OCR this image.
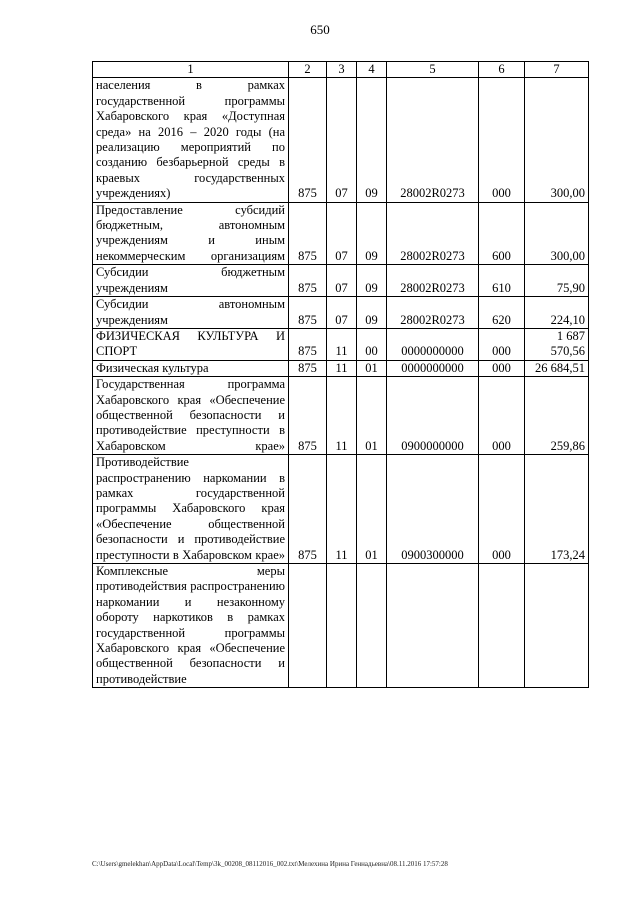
650
1	2	3	4	5	6	7
населения в рамках государственной программы Хабаровского края «Доступная среда» на 2016 – 2020 годы (на реализацию мероприятий по созданию безбарьерной среды в краевых государственных учреждениях)	875	07	09	28002R0273	000	300,00
Предоставление субсидий бюджетным, автономным учреждениям и иным некоммерческим организациям	875	07	09	28002R0273	600	300,00
Субсидии бюджетным учреждениям	875	07	09	28002R0273	610	75,90
Субсидии автономным учреждениям	875	07	09	28002R0273	620	224,10
ФИЗИЧЕСКАЯ КУЛЬТУРА И СПОРТ	875	11	00	0000000000	000	1 687 570,56
Физическая культура	875	11	01	0000000000	000	26 684,51
Государственная программа Хабаровского края «Обеспечение общественной безопасности и противодействие преступности в Хабаровском крае»	875	11	01	0900000000	000	259,86
Противодействие распространению наркомании в рамках государственной программы Хабаровского края «Обеспечение общественной безопасности и противодействие преступности в Хабаровском крае»	875	11	01	0900300000	000	173,24
Комплексные меры противодействия распространению наркомании и незаконному обороту наркотиков в рамках государственной программы Хабаровского края «Обеспечение общественной безопасности и противодействие						
C:\Users\gmelekhan\AppData\Local\Temp\3k_00208_08112016_002.txt\Мелехина Ирина Геннадьевна\08.11.2016 17:57:28
